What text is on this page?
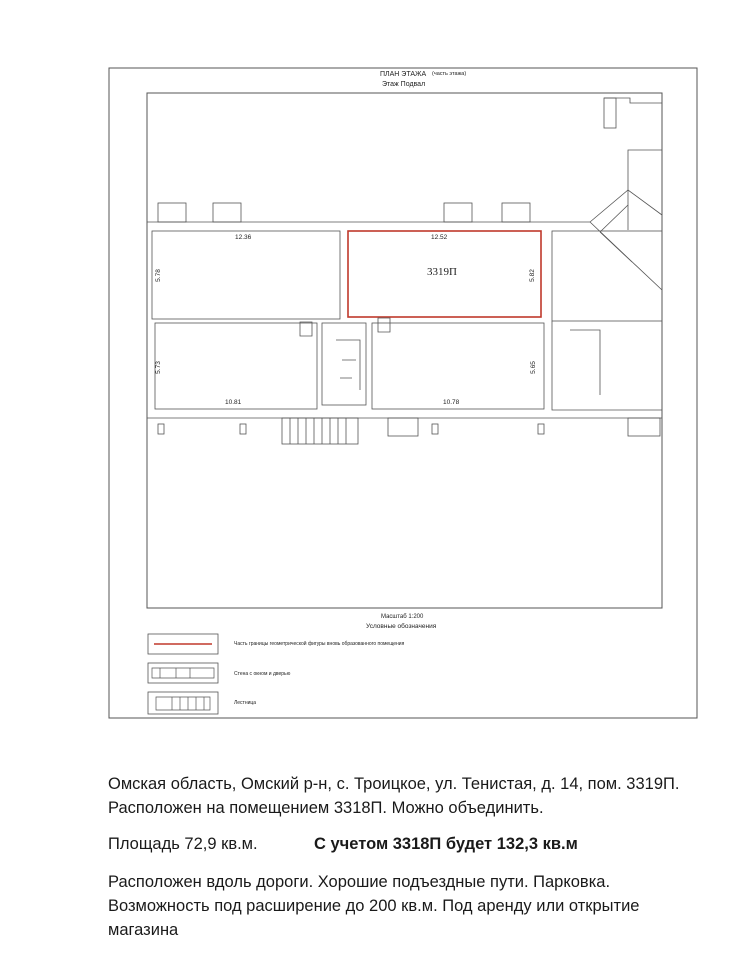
ПЛАН ЭТАЖА (часть этажа)
Этаж Подвал
12.36	12.52
5.78	5.82
5.73	5.65
10.81	10.78
3319П
Масштаб 1:200
Условные обозначения
Часть границы геометрической фигуры вновь образованного помещения
Стена с окном и дверью
Лестница
Омская область, Омский р-н, с. Троицкое, ул. Тенистая, д. 14, пом. 3319П. Расположен на помещением 3318П. Можно объединить.
Площадь 72,9 кв.м.	С учетом 3318П будет 132,3 кв.м
Расположен вдоль дороги. Хорошие подъездные пути. Парковка. Возможность под расширение до 200 кв.м. Под аренду или открытие магазина
